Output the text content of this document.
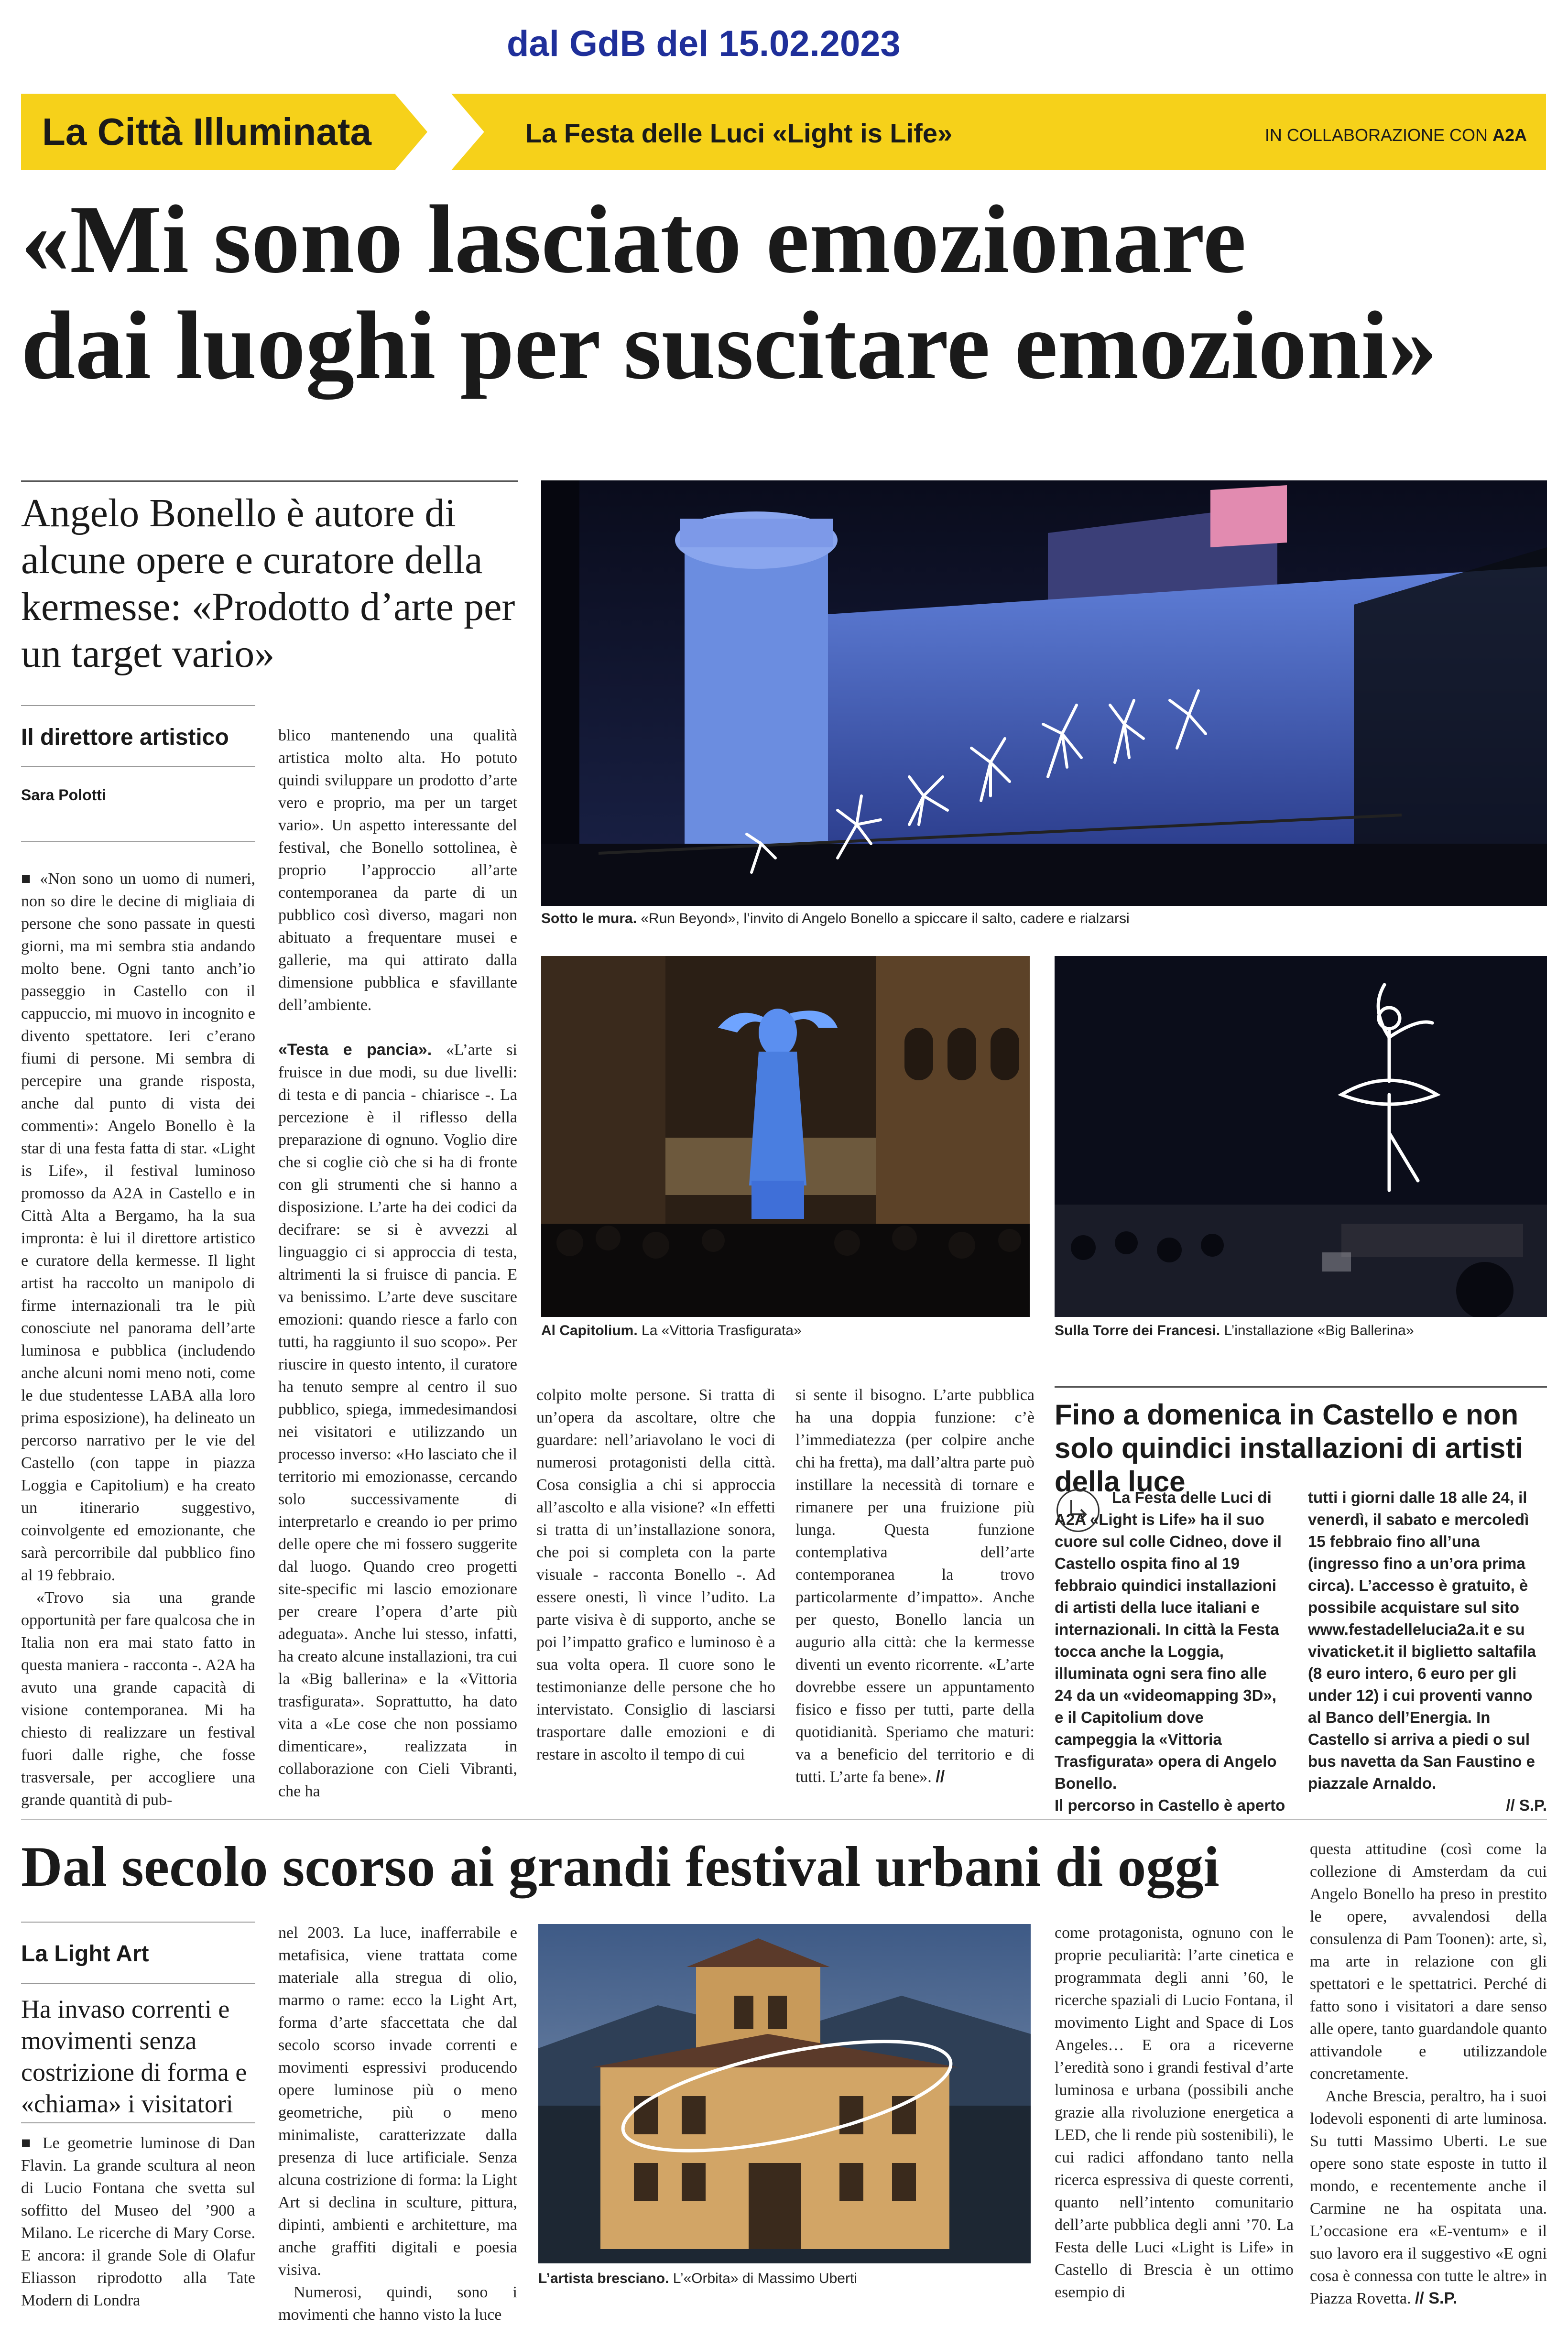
dal GdB del 15.02.2023
La Città Illuminata	La Festa delle Luci «Light is Life»	IN COLLABORAZIONE CON A2A
«Mi sono lasciato emozionare
dai luoghi per suscitare emozioni»
Angelo Bonello è autore di alcune opere e curatore della kermesse: «Prodotto d’arte per un target vario»
Il direttore artistico
Sara Polotti

■ «Non sono un uomo di numeri, non so dire le decine di migliaia di persone che sono passate in questi giorni, ma mi sembra stia andando molto bene. Ogni tanto anch’io passeggio in Castello con il cappuccio, mi muovo in incognito e divento spettatore. Ieri c’erano fiumi di persone. Mi sembra di percepire una grande risposta, anche dal punto di vista dei commenti»: Angelo Bonello è la star di una festa fatta di star. «Light is Life», il festival luminoso promosso da A2A in Castello e in Città Alta a Bergamo, ha la sua impronta: è lui il direttore artistico e curatore della kermesse. Il light artist ha raccolto un manipolo di firme internazionali tra le più conosciute nel panorama dell’arte luminosa e pubblica (includendo anche alcuni nomi meno noti, come le due studentesse LABA alla loro prima esposizione), ha delineato un percorso narrativo per le vie del Castello (con tappe in piazza Loggia e Capitolium) e ha creato un itinerario suggestivo, coinvolgente ed emozionante, che sarà percorribile dal pubblico fino al 19 febbraio.

«Trovo sia una grande opportunità per fare qualcosa che in Italia non era mai stato fatto in questa maniera - racconta -. A2A ha avuto una grande capacità di visione contemporanea. Mi ha chiesto di realizzare un festival fuori dalle righe, che fosse trasversale, per accogliere una grande quantità di pub-

blico mantenendo una qualità artistica molto alta. Ho potuto quindi sviluppare un prodotto d’arte vero e proprio, ma per un target vario». Un aspetto interessante del festival, che Bonello sottolinea, è proprio l’approccio all’arte contemporanea da parte di un pubblico così diverso, magari non abituato a frequentare musei e gallerie, ma qui attirato dalla dimensione pubblica e sfavillante dell’ambiente.

«Testa e pancia». «L’arte si fruisce in due modi, su due livelli: di testa e di pancia - chiarisce -. La percezione è il riflesso della preparazione di ognuno. Voglio dire che si coglie ciò che si ha di fronte con gli strumenti che si hanno a disposizione. L’arte ha dei codici da decifrare: se si è avvezzi al linguaggio ci si approccia di testa, altrimenti la si fruisce di pancia. E va benissimo. L’arte deve suscitare emozioni: quando riesce a farlo con tutti, ha raggiunto il suo scopo». Per riuscire in questo intento, il curatore ha tenuto sempre al centro il suo pubblico, spiega, immedesimandosi nei visitatori e utilizzando un processo inverso: «Ho lasciato che il territorio mi emozionasse, cercando solo successivamente di interpretarlo e creando io per primo delle opere che mi fossero suggerite dal luogo. Quando creo progetti site-specific mi lascio emozionare per creare l’opera d’arte più adeguata». Anche lui stesso, infatti, ha creato alcune installazioni, tra cui la «Big ballerina» e la «Vittoria trasfigurata». Soprattutto, ha dato vita a «Le cose che non possiamo dimenticare», realizzata in collaborazione con Cieli Vibranti, che ha

Sotto le mura. «Run Beyond», l’invito di Angelo Bonello a spiccare il salto, cadere e rialzarsi
Al Capitolium. La «Vittoria Trasfigurata»	Sulla Torre dei Francesi. L’installazione «Big Ballerina»

colpito molte persone. Si tratta di un’opera da ascoltare, oltre che guardare: nell’ariavolano le voci di numerosi protagonisti della città. Cosa consiglia a chi si approccia all’ascolto e alla visione? «In effetti si tratta di un’installazione sonora, che poi si completa con la parte visuale - racconta Bonello -. Ad essere onesti, lì vince l’udito. La parte visiva è di supporto, anche se poi l’impatto grafico e luminoso è a sua volta opera. Il cuore sono le testimonianze delle persone che ho intervistato. Consiglio di lasciarsi trasportare dalle emozioni e di restare in ascolto il tempo di cui

si sente il bisogno. L’arte pubblica ha una doppia funzione: c’è l’immediatezza (per colpire anche chi ha fretta), ma dall’altra parte può instillare la necessità di tornare e rimanere per una fruizione più lunga. Questa funzione contemplativa dell’arte contemporanea la trovo particolarmente d’impatto». Anche per questo, Bonello lancia un augurio alla città: che la kermesse diventi un evento ricorrente. «L’arte dovrebbe essere un appuntamento fisico e fisso per tutti, parte della quotidianità. Speriamo che maturi: va a beneficio del territorio e di tutti. L’arte fa bene». //

Fino a domenica in Castello e non solo quindici installazioni di artisti della luce
La Festa delle Luci di A2A «Light is Life» ha il suo cuore sul colle Cidneo, dove il Castello ospita fino al 19 febbraio quindici installazioni di artisti della luce italiani e internazionali. In città la Festa tocca anche la Loggia, illuminata ogni sera fino alle 24 da un «videomapping 3D», e il Capitolium dove campeggia la «Vittoria Trasfigurata» opera di Angelo Bonello.
Il percorso in Castello è aperto
tutti i giorni dalle 18 alle 24, il venerdì, il sabato e mercoledì 15 febbraio fino all’una (ingresso fino a un’ora prima circa). L’accesso è gratuito, è possibile acquistare sul sito www.festadellelucia2a.it e su vivaticket.it il biglietto saltafila (8 euro intero, 6 euro per gli under 12) i cui proventi vanno al Banco dell’Energia. In Castello si arriva a piedi o sul bus navetta da San Faustino e piazzale Arnaldo.
// S.P.
Dal secolo scorso ai grandi festival urbani di oggi
La Light Art
Ha invaso correnti e movimenti senza costrizione di forma e «chiama» i visitatori

■ Le geometrie luminose di Dan Flavin. La grande scultura al neon di Lucio Fontana che svetta sul soffitto del Museo del ’900 a Milano. Le ricerche di Mary Corse. E ancora: il grande Sole di Olafur Eliasson riprodotto alla Tate Modern di Londra

nel 2003. La luce, inafferrabile e metafisica, viene trattata come materiale alla stregua di olio, marmo o rame: ecco la Light Art, forma d’arte sfaccettata che dal secolo scorso invade correnti e movimenti espressivi producendo opere luminose più o meno geometriche, più o meno minimaliste, caratterizzate dalla presenza di luce artificiale. Senza alcuna costrizione di forma: la Light Art si declina in sculture, pittura, dipinti, ambienti e architetture, ma anche graffiti digitali e poesia visiva.

Numerosi, quindi, sono i movimenti che hanno visto la luce

L’artista bresciano. L’«Orbita» di Massimo Uberti

come protagonista, ognuno con le proprie peculiarità: l’arte cinetica e programmata degli anni ’60, le ricerche spaziali di Lucio Fontana, il movimento Light and Space di Los Angeles… E ora a riceverne l’eredità sono i grandi festival d’arte luminosa e urbana (possibili anche grazie alla rivoluzione energetica a LED, che li rende più sostenibili), le cui radici affondano tanto nella ricerca espressiva di queste correnti, quanto nell’intento comunitario dell’arte pubblica degli anni ’70. La Festa delle Luci «Light is Life» in Castello di Brescia è un ottimo esempio di

questa attitudine (così come la collezione di Amsterdam da cui Angelo Bonello ha preso in prestito le opere, avvalendosi della consulenza di Pam Toonen): arte, sì, ma arte in relazione con gli spettatori e le spettatrici. Perché di fatto sono i visitatori a dare senso alle opere, tanto guardandole quanto attivandole e utilizzandole concretamente.

Anche Brescia, peraltro, ha i suoi lodevoli esponenti di arte luminosa. Su tutti Massimo Uberti. Le sue opere sono state esposte in tutto il mondo, e recentemente anche il Carmine ne ha ospitata una. L’occasione era «E-ventum» e il suo lavoro era il suggestivo «E ogni cosa è connessa con tutte le altre» in Piazza Rovetta. // S.P.
